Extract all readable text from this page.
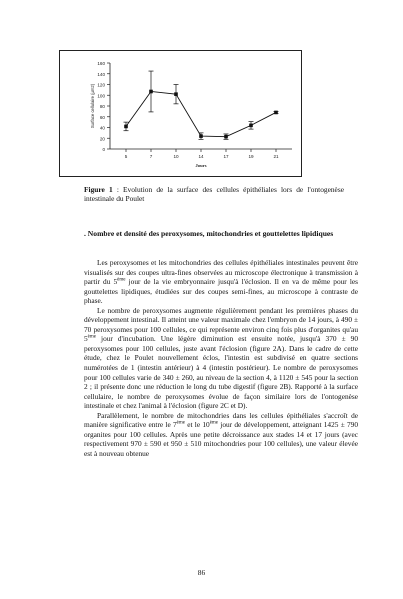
0
20
40
60
80
100
120
140
160
5	7	10	14	17	19	21
Jours
Surface cellulaire (µm2)
Figure 1 : Evolution de la surface des cellules épithéliales lors de l'ontogenèse intestinale du Poulet
. Nombre et densité des peroxysomes, mitochondries et gouttelettes lipidiques

Les peroxysomes et les mitochondries des cellules épithéliales intestinales peuvent être visualisés sur des coupes ultra-fines observées au microscope électronique à transmission à partir du 5ème jour de la vie embryonnaire jusqu'à l'éclosion. Il en va de même pour les gouttelettes lipidiques, étudiées sur des coupes semi-fines, au microscope à contraste de phase.

Le nombre de peroxysomes augmente régulièrement pendant les premières phases du développement intestinal. Il atteint une valeur maximale chez l'embryon de 14 jours, à 490 ± 70 peroxysomes pour 100 cellules, ce qui représente environ cinq fois plus d'organites qu'au 5ème jour d'incubation. Une légère diminution est ensuite notée, jusqu'à 370 ± 90 peroxysomes pour 100 cellules, juste avant l'éclosion (figure 2A). Dans le cadre de cette étude, chez le Poulet nouvellement éclos, l'intestin est subdivisé en quatre sections numérotées de 1 (intestin antérieur) à 4 (intestin postérieur). Le nombre de peroxysomes pour 100 cellules varie de 340 ± 260, au niveau de la section 4, à 1120 ± 545 pour la section 2 ; il présente donc une réduction le long du tube digestif (figure 2B). Rapporté à la surface cellulaire, le nombre de peroxysomes évolue de façon similaire lors de l'ontogenèse intestinale et chez l'animal à l'éclosion (figure 2C et D).

Parallèlement, le nombre de mitochondries dans les cellules épithéliales s'accroît de manière significative entre le 7ème et le 10ème jour de développement, atteignant 1425 ± 790 organites pour 100 cellules. Après une petite décroissance aux stades 14 et 17 jours (avec respectivement 970 ± 590 et 950 ± 510 mitochondries pour 100 cellules), une valeur élevée est à nouveau obtenue

86
